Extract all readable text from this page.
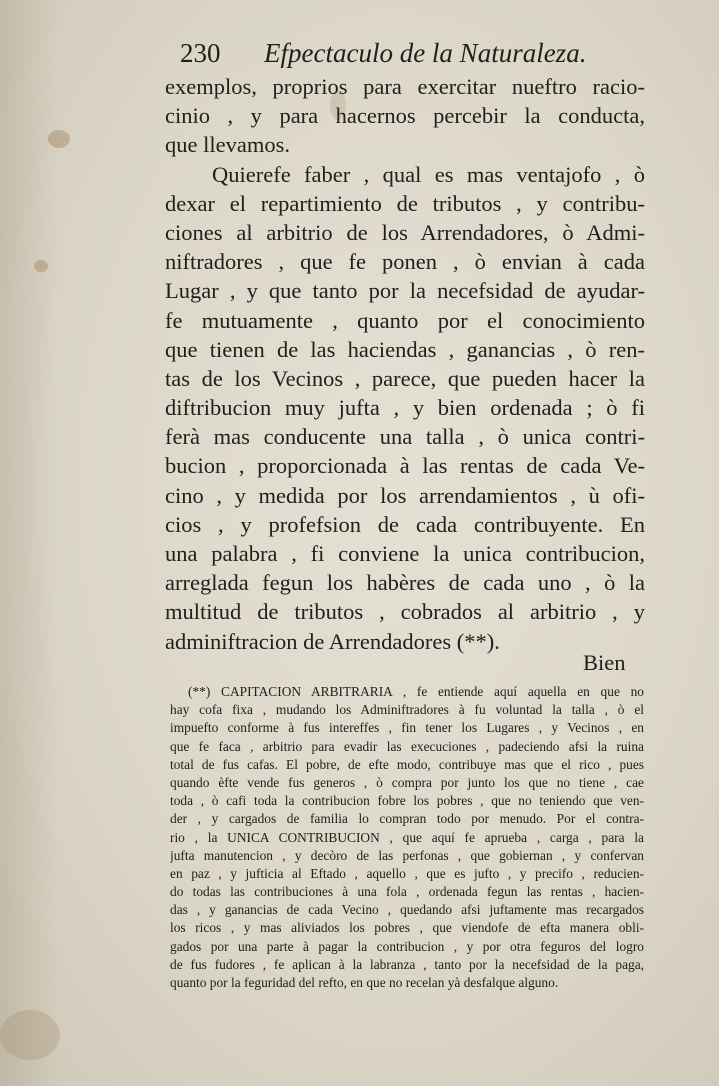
230 Efpectaculo de la Naturaleza.
exemplos, proprios para exercitar nueftro racio-
cinio , y para hacernos percebir la conducta,
que llevamos.
Quierefe faber , qual es mas ventajofo , ò
dexar el repartimiento de tributos , y contribu-
ciones al arbitrio de los Arrendadores, ò Admi-
niftradores , que fe ponen , ò envian à cada
Lugar , y que tanto por la necefsidad de ayudar-
fe mutuamente , quanto por el conocimiento
que tienen de las haciendas , ganancias , ò ren-
tas de los Vecinos , parece, que pueden hacer la
diftribucion muy jufta , y bien ordenada ; ò fi
ferà mas conducente una talla , ò unica contri-
bucion , proporcionada à las rentas de cada Ve-
cino , y medida por los arrendamientos , ù ofi-
cios , y profefsion de cada contribuyente. En
una palabra , fi conviene la unica contribucion,
arreglada fegun los habères de cada uno , ò la
multitud de tributos , cobrados al arbitrio , y
adminiftracion de Arrendadores (**).
Bien
(**) CAPITACION ARBITRARIA , fe entiende aquí aquella en que no
hay cofa fixa , mudando los Adminiftradores à fu voluntad la talla , ò el
impuefto conforme à fus intereffes , fin tener los Lugares , y Vecinos , en
que fe faca , arbitrio para evadir las execuciones , padeciendo afsi la ruina
total de fus cafas. El pobre, de efte modo, contribuye mas que el rico , pues
quando èfte vende fus generos , ò compra por junto los que no tiene , cae
toda , ò cafi toda la contribucion fobre los pobres , que no teniendo que ven-
der , y cargados de familia lo compran todo por menudo. Por el contra-
rio , la UNICA CONTRIBUCION , que aquí fe aprueba , carga , para la
jufta manutencion , y decòro de las perfonas , que gobiernan , y confervan
en paz , y jufticia al Eftado , aquello , que es jufto , y precifo , reducien-
do todas las contribuciones à una fola , ordenada fegun las rentas , hacien-
das , y ganancias de cada Vecino , quedando afsi juftamente mas recargados
los ricos , y mas aliviados los pobres , que viendofe de efta manera obli-
gados por una parte à pagar la contribucion , y por otra feguros del logro
de fus fudores , fe aplican à la labranza , tanto por la necefsidad de la paga,
quanto por la feguridad del refto, en que no recelan yà desfalque alguno.
